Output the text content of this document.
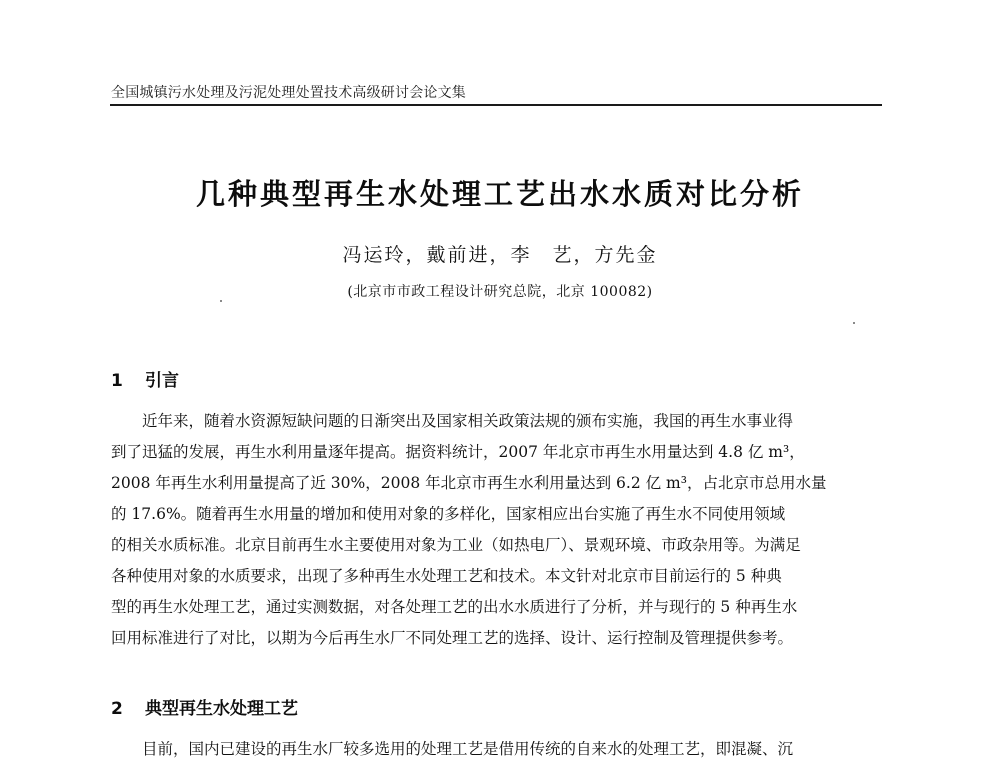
全国城镇污水处理及污泥处理处置技术高级研讨会论文集
几种典型再生水处理工艺出水水质对比分析
冯运玲，戴前进，李　艺，方先金
(北京市市政工程设计研究总院，北京 100082)
1 引言
　　近年来，随着水资源短缺问题的日渐突出及国家相关政策法规的颁布实施，我国的再生水事业得
到了迅猛的发展，再生水利用量逐年提高。据资料统计，2007 年北京市再生水用量达到 4.8 亿 m³，
2008 年再生水利用量提高了近 30%，2008 年北京市再生水利用量达到 6.2 亿 m³，占北京市总用水量
的 17.6%。随着再生水用量的增加和使用对象的多样化，国家相应出台实施了再生水不同使用领域
的相关水质标准。北京目前再生水主要使用对象为工业（如热电厂）、景观环境、市政杂用等。为满足
各种使用对象的水质要求，出现了多种再生水处理工艺和技术。本文针对北京市目前运行的 5 种典
型的再生水处理工艺，通过实测数据，对各处理工艺的出水水质进行了分析，并与现行的 5 种再生水
回用标准进行了对比，以期为今后再生水厂不同处理工艺的选择、设计、运行控制及管理提供参考。
2 典型再生水处理工艺
　　目前，国内已建设的再生水厂较多选用的处理工艺是借用传统的自来水的处理工艺，即混凝、沉
